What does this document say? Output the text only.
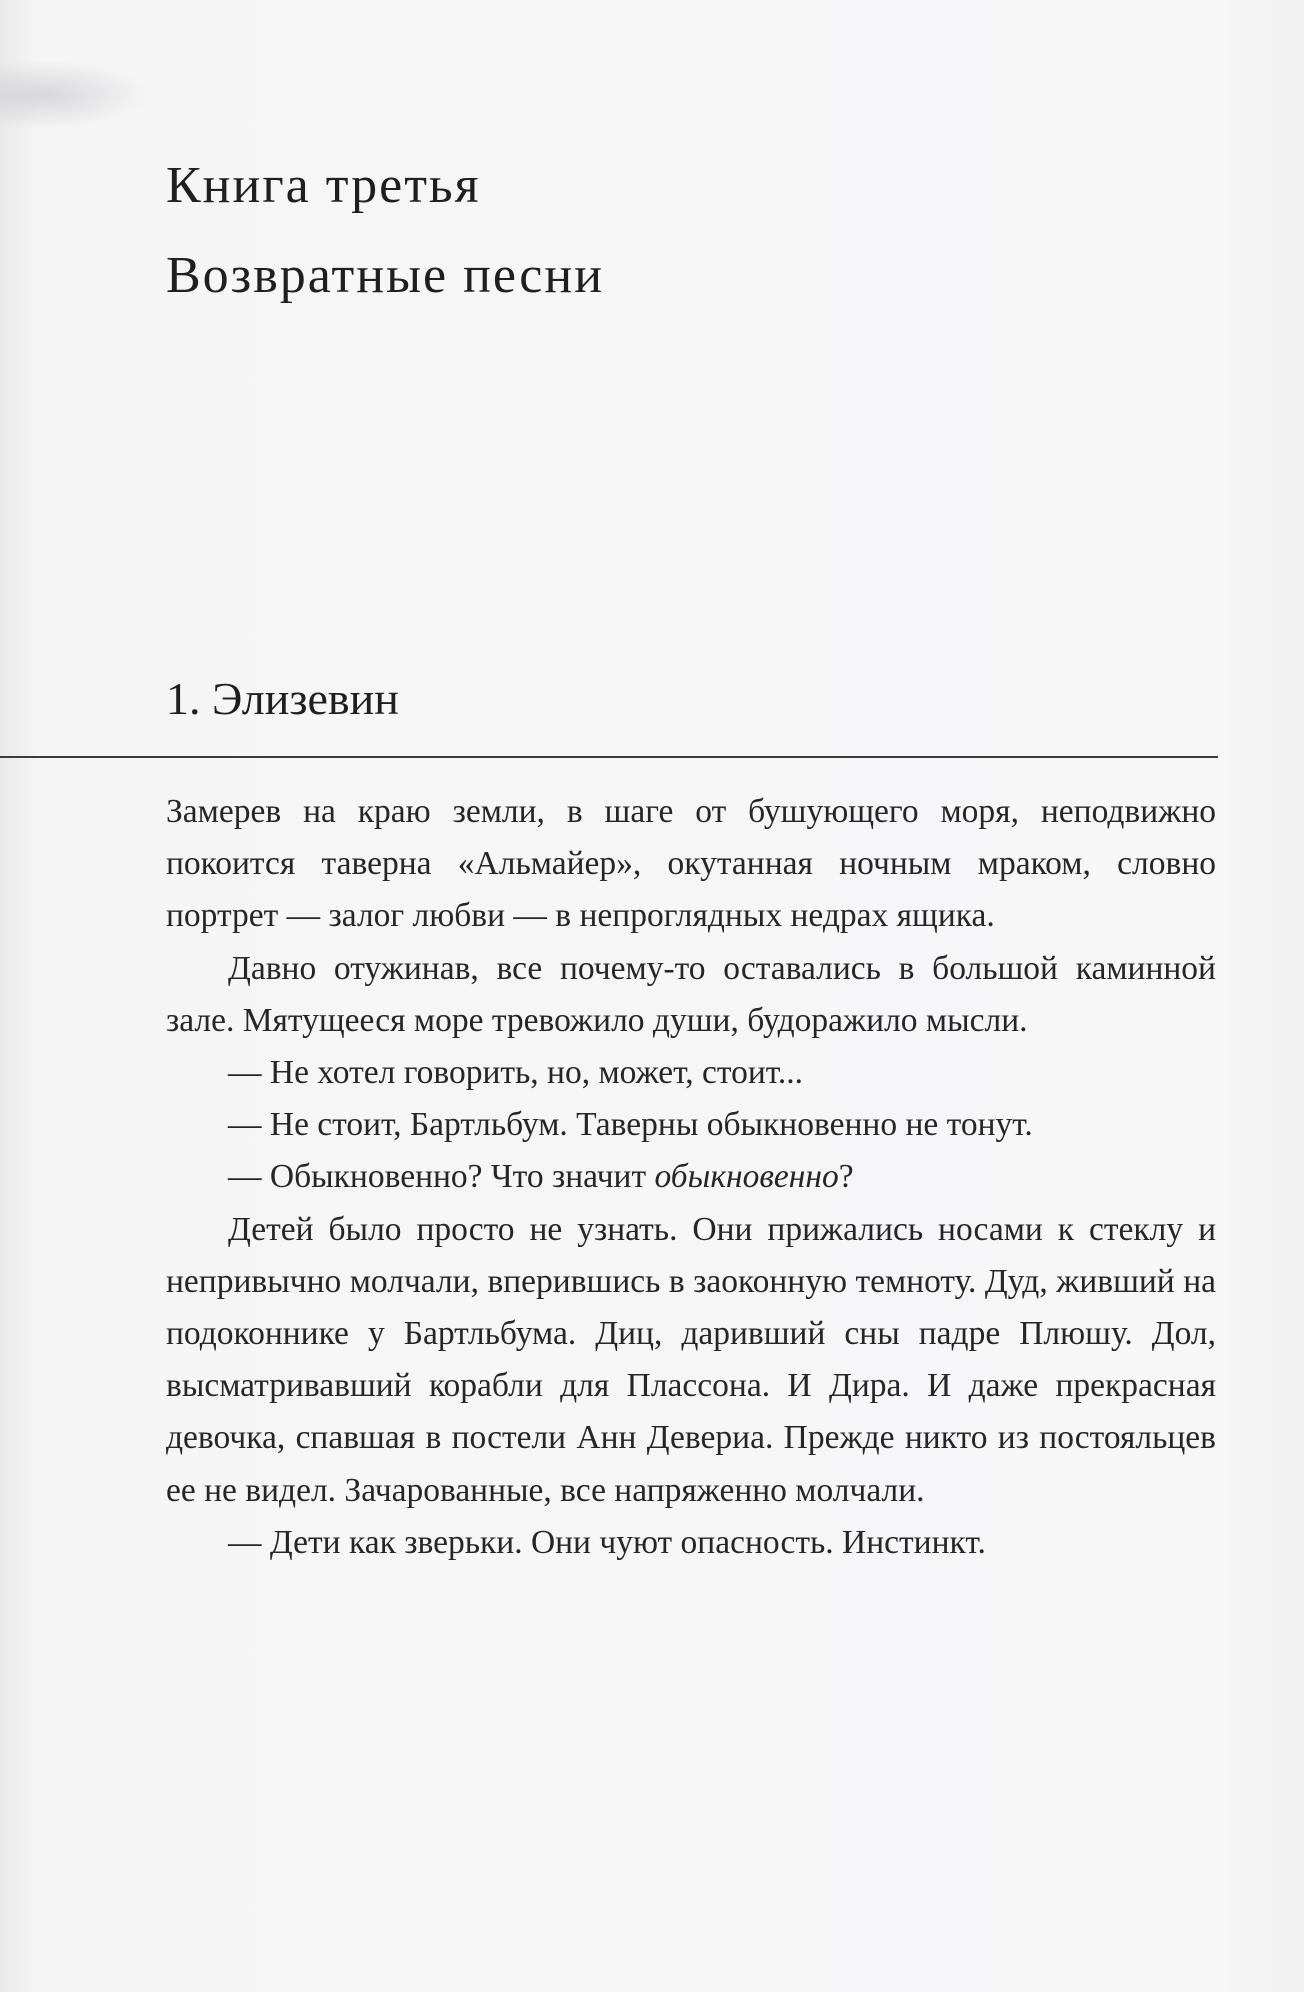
Книга третья
Возвратные песни
1. Элизевин

Замерев на краю земли, в шаге от бушующего моря, неподвижно покоится таверна «Альмайер», окутанная ночным мраком, словно портрет — залог любви — в непроглядных недрах ящика.

Давно отужинав, все почему-то оставались в большой каминной зале. Мятущееся море тревожило души, будоражило мысли.

— Не хотел говорить, но, может, стоит...

— Не стоит, Бартльбум. Таверны обыкновенно не тонут.

— Обыкновенно? Что значит обыкновенно?

Детей было просто не узнать. Они прижались носами к стеклу и непривычно молчали, вперившись в заоконную темноту. Дуд, живший на подоконнике у Бартльбума. Диц, даривший сны падре Плюшу. Дол, высматривавший корабли для Плассона. И Дира. И даже прекрасная девочка, спавшая в постели Анн Девериа. Прежде никто из постояльцев ее не видел. Зачарованные, все напряженно молчали.

— Дети как зверьки. Они чуют опасность. Инстинкт.
